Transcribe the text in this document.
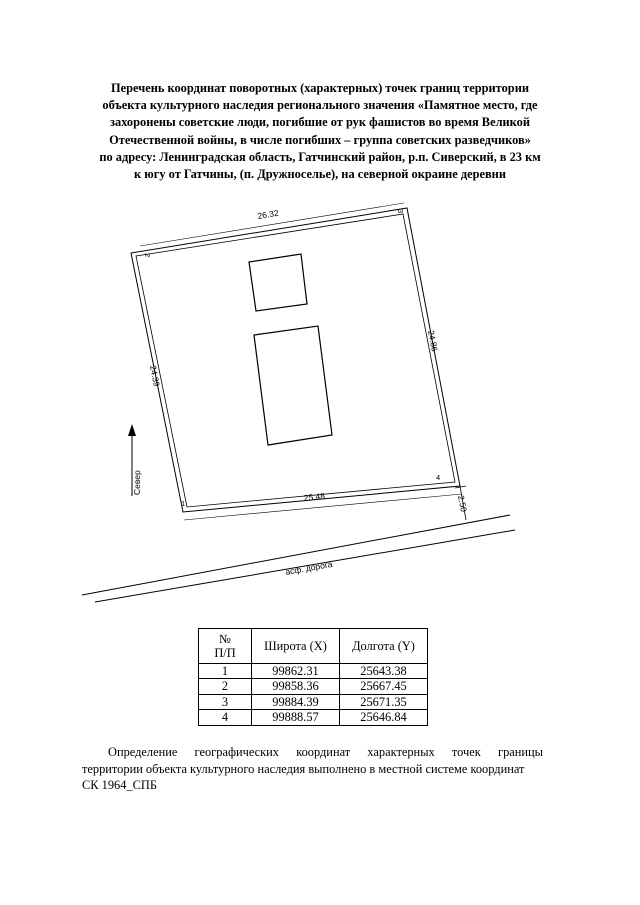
Перечень координат поворотных (характерных) точек границ территории
объекта культурного наследия регионального значения «Памятное место, где
захоронены советские люди, погибшие от рук фашистов во время Великой
Отечественной войны, в числе погибших – группа советских разведчиков»
по адресу: Ленинградская область, Гатчинский район, р.п. Сиверский, в 23 км
к югу от Гатчины, (п. Дружноселье), на северной окраине деревни
Север
26.32
24.86
24.39
25.48	2.50
1
2
3
4
асф. дорога
№
П/П	Широта (X)	Долгота (Y)
1	99862.31	25643.38
2	99858.36	25667.45
3	99884.39	25671.35
4	99888.57	25646.84
Определение географических координат характерных точек границы
территории объекта культурного наследия выполнено в местной системе координат
СК 1964_СПБ
